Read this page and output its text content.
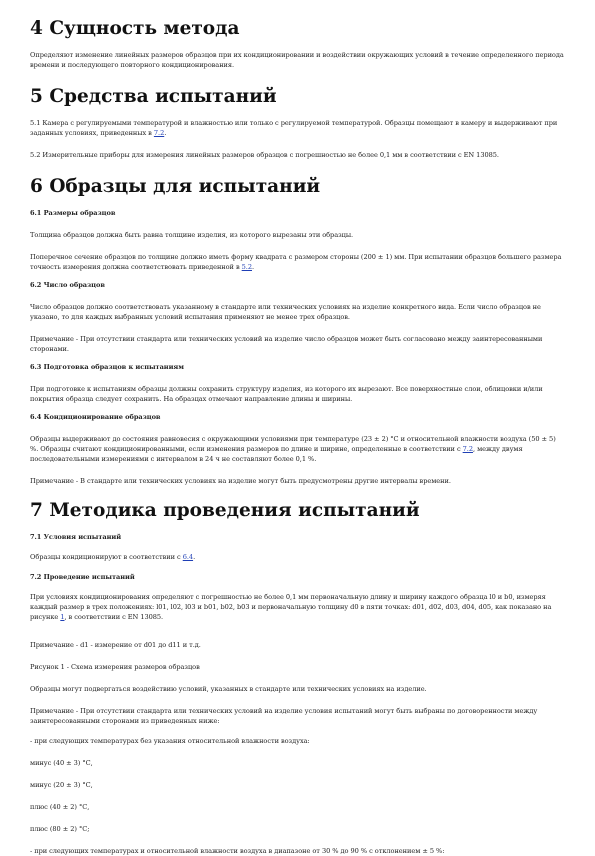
4 Сущность метода

Определяют изменение линейных размеров образцов при их кондиционировании и воздействии окружающих условий в течение определенного периода времени и последующего повторного кондиционирования.

5 Средства испытаний

5.1 Камера с регулируемыми температурой и влажностью или только с регулируемой температурой. Образцы помещают в камеру и выдерживают при заданных условиях, приведенных в 7.2.

5.2 Измерительные приборы для измерения линейных размеров образцов с погрешностью не более 0,1 мм в соответствии с EN 13085.

6 Образцы для испытаний

6.1 Размеры образцов

Толщина образцов должна быть равна толщине изделия, из которого вырезаны эти образцы.

Поперечное сечение образцов по толщине должно иметь форму квадрата с размером стороны (200 ± 1) мм. При испытании образцов большего размера точность измерения должна соответствовать приведенной в 5.2.

6.2 Число образцов

Число образцов должно соответствовать указанному в стандарте или технических условиях на изделие конкретного вида. Если число образцов не указано, то для каждых выбранных условий испытания применяют не менее трех образцов.

Примечание - При отсутствии стандарта или технических условий на изделие число образцов может быть согласовано между заинтересованными сторонами.

6.3 Подготовка образцов к испытаниям

При подготовке к испытаниям образцы должны сохранить структуру изделия, из которого их вырезают. Все поверхностные слои, облицовки и/или покрытия образца следует сохранить. На образцах отмечают направление длины и ширины.

6.4 Кондиционирование образцов

Образцы выдерживают до состояния равновесия с окружающими условиями при температуре (23 ± 2) °С и относительной влажности воздуха (50 ± 5) %. Образцы считают кондиционированными, если изменения размеров по длине и ширине, определенные в соответствии с 7.2, между двумя последовательными измерениями с интервалом в 24 ч не составляют более 0,1 %.

Примечание - В стандарте или технических условиях на изделие могут быть предусмотрены другие интервалы времени.

7 Методика проведения испытаний

7.1 Условия испытаний

Образцы кондиционируют в соответствии с 6.4.

7.2 Проведение испытаний

При условиях кондиционирования определяют с погрешностью не более 0,1 мм первоначальную длину и ширину каждого образца l0 и b0, измеряя каждый размер в трех положениях: l01, l02, l03 и b01, b02, b03 и первоначальную толщину d0 в пяти точках: d01, d02, d03, d04, d05, как показано на рисунке 1, в соответствии с EN 13085.

Примечание - d1 - измерение от d01 до d11 и т.д.

Рисунок 1 - Схема измерения размеров образцов

Образцы могут подвергаться воздействию условий, указанных в стандарте или технических условиях на изделие.

Примечание - При отсутствии стандарта или технических условий на изделие условия испытаний могут быть выбраны по договоренности между заинтересованными сторонами из приведенных ниже:

- при следующих температурах без указания относительной влажности воздуха:

минус (40 ± 3) °С,

минус (20 ± 3) °С,

плюс (40 ± 2) °С,

плюс (80 ± 2) °С;

- при следующих температурах и относительной влажности воздуха в диапазоне от 30 % до 90 % с отклонением ± 5 %:
